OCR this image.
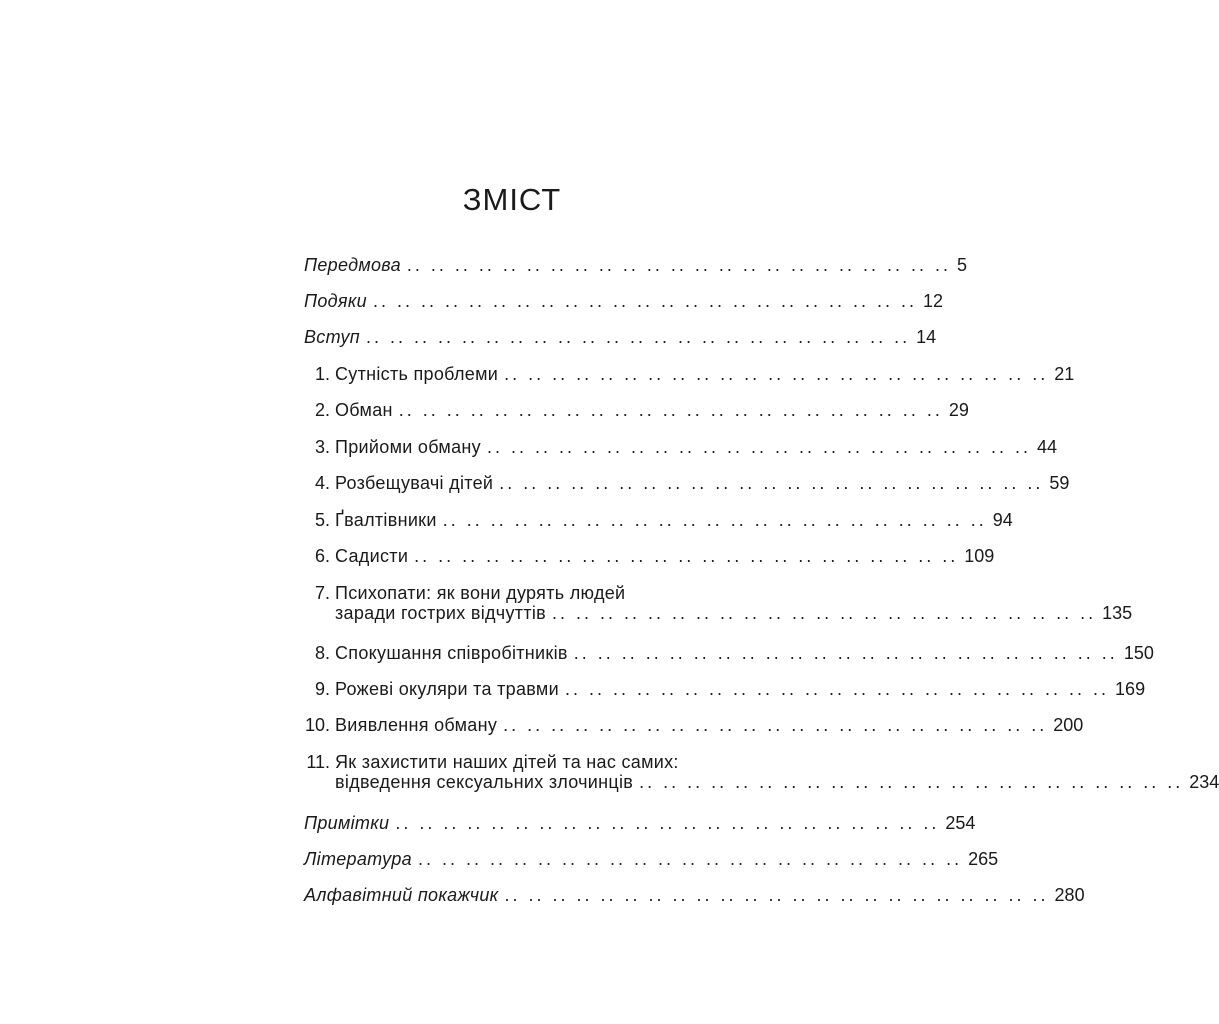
ЗМІСТ
Передмова .. .. .. .. .. .. .. .. .. .. .. .. .. .. .. .. .. .. .. .. .. .. .. 5
Подяки .. .. .. .. .. .. .. .. .. .. .. .. .. .. .. .. .. .. .. .. .. .. .. 12
Вступ .. .. .. .. .. .. .. .. .. .. .. .. .. .. .. .. .. .. .. .. .. .. .. 14
1. Сутність проблеми .. .. .. .. .. .. .. .. .. .. .. .. .. .. .. .. .. .. .. .. .. .. .. 21
2. Обман .. .. .. .. .. .. .. .. .. .. .. .. .. .. .. .. .. .. .. .. .. .. .. 29
3. Прийоми обману .. .. .. .. .. .. .. .. .. .. .. .. .. .. .. .. .. .. .. .. .. .. .. 44
4. Розбещувачі дітей .. .. .. .. .. .. .. .. .. .. .. .. .. .. .. .. .. .. .. .. .. .. .. 59
5. Ґвалтівники .. .. .. .. .. .. .. .. .. .. .. .. .. .. .. .. .. .. .. .. .. .. .. 94
6. Садисти .. .. .. .. .. .. .. .. .. .. .. .. .. .. .. .. .. .. .. .. .. .. .. 109
7. Психопати: як вони дурять людей
заради гострих відчуттів .. .. .. .. .. .. .. .. .. .. .. .. .. .. .. .. .. .. .. .. .. .. .. 135
8. Спокушання співробітників .. .. .. .. .. .. .. .. .. .. .. .. .. .. .. .. .. .. .. .. .. .. .. 150
9. Рожеві окуляри та травми .. .. .. .. .. .. .. .. .. .. .. .. .. .. .. .. .. .. .. .. .. .. .. 169
10. Виявлення обману .. .. .. .. .. .. .. .. .. .. .. .. .. .. .. .. .. .. .. .. .. .. .. 200
11. Як захистити наших дітей та нас самих:
відведення сексуальних злочинців .. .. .. .. .. .. .. .. .. .. .. .. .. .. .. .. .. .. .. .. .. .. .. 234
Примітки .. .. .. .. .. .. .. .. .. .. .. .. .. .. .. .. .. .. .. .. .. .. .. 254
Література .. .. .. .. .. .. .. .. .. .. .. .. .. .. .. .. .. .. .. .. .. .. .. 265
Алфавітний покажчик .. .. .. .. .. .. .. .. .. .. .. .. .. .. .. .. .. .. .. .. .. .. .. 280
